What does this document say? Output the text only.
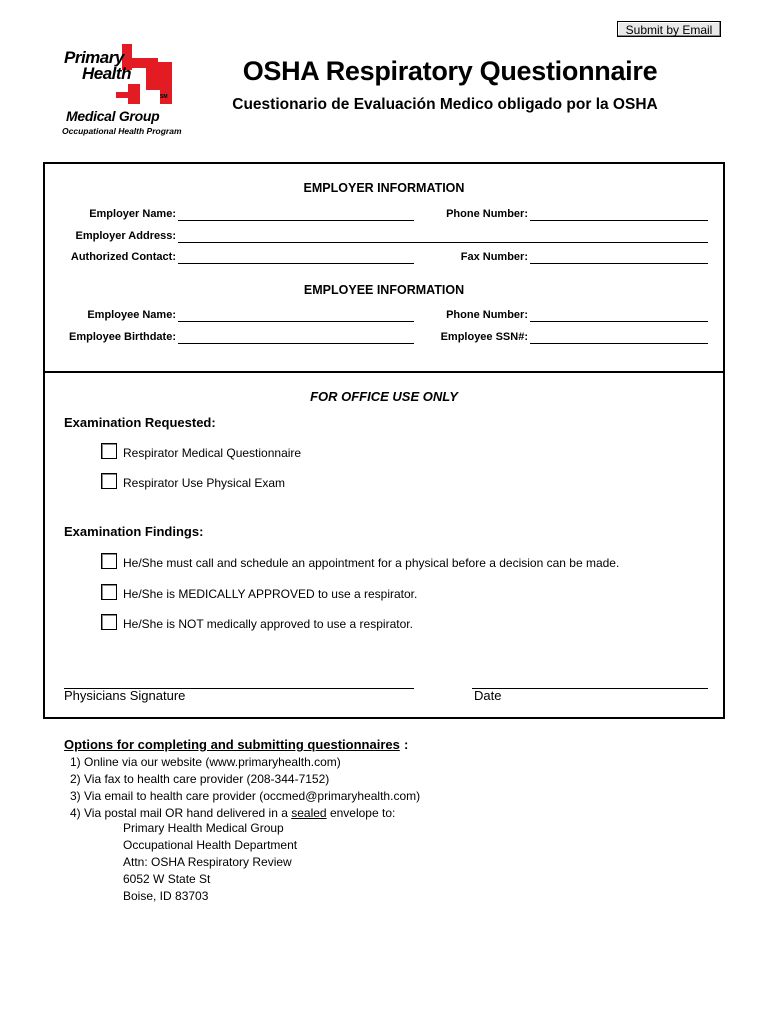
Submit by Email
Primary
Health
SM
Medical Group
Occupational Health Program
OSHA Respiratory Questionnaire
Cuestionario de Evaluación Medico obligado por la OSHA
EMPLOYER INFORMATION
Employer Name:	Phone Number:
Employer Address:
Authorized Contact:	Fax Number:
EMPLOYEE INFORMATION
Employee Name:	Phone Number:
Employee Birthdate:	Employee SSN#:
FOR OFFICE USE ONLY
Examination Requested:
Respirator Medical Questionnaire
Respirator Use Physical Exam
Examination Findings:
He/She must call and schedule an appointment for a physical before a decision can be made.
He/She is MEDICALLY APPROVED to use a respirator.
He/She is NOT medically approved to use a respirator.
Physicians Signature	Date
Options for completing and submitting questionnaires :
1) Online via our website (www.primaryhealth.com)
2) Via fax to health care provider (208-344-7152)
3) Via email to health care provider (occmed@primaryhealth.com)
4) Via postal mail OR hand delivered in a sealed envelope to:
Primary Health Medical Group
Occupational Health Department
Attn: OSHA Respiratory Review
6052 W State St
Boise, ID 83703
